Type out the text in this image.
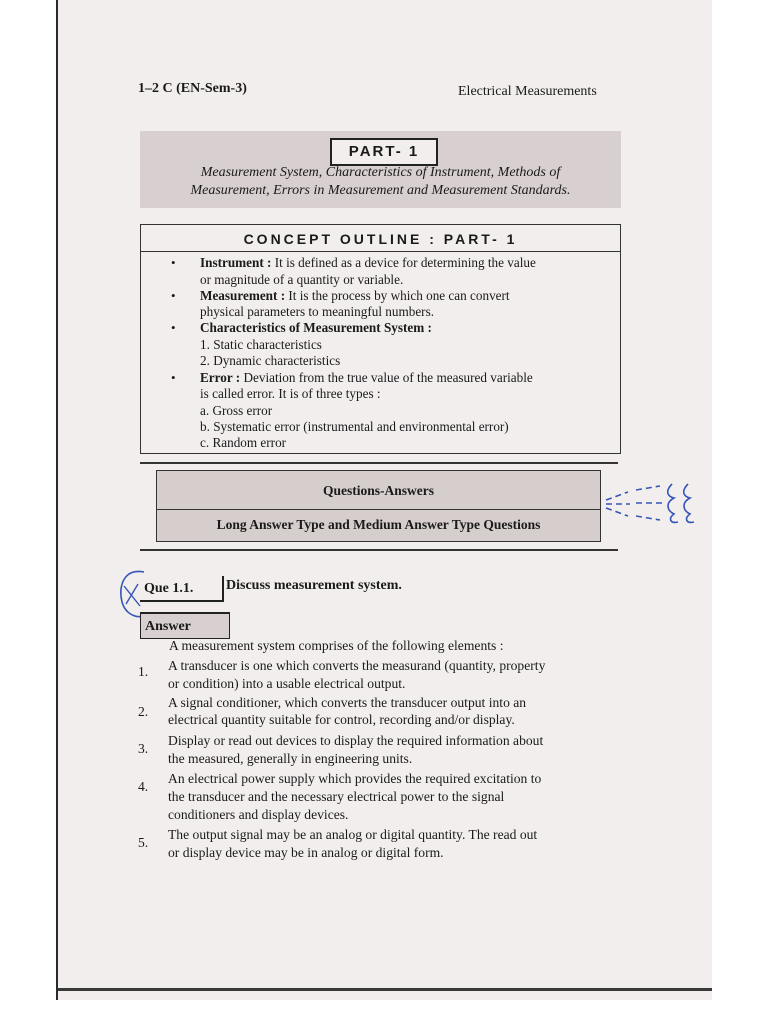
1–2 C (EN-Sem-3)	Electrical Measurements
PART- 1
Measurement System, Characteristics of Instrument, Methods of
Measurement, Errors in Measurement and Measurement Standards.
CONCEPT OUTLINE : PART- 1
• Instrument : It is defined as a device for determining the value
or magnitude of a quantity or variable.
• Measurement : It is the process by which one can convert
physical parameters to meaningful numbers.
• Characteristics of Measurement System :
1. Static characteristics
2. Dynamic characteristics
• Error : Deviation from the true value of the measured variable
is called error. It is of three types :
a. Gross error
b. Systematic error (instrumental and environmental error)
c. Random error
Questions-Answers
Long Answer Type and Medium Answer Type Questions
Que 1.1.	Discuss measurement system.
Answer
A measurement system comprises of the following elements :
1. A transducer is one which converts the measurand (quantity, property
or condition) into a usable electrical output.
2.
A signal conditioner, which converts the transducer output into an
electrical quantity suitable for control, recording and/or display.
3.
Display or read out devices to display the required information about
the measured, generally in engineering units.
4.
An electrical power supply which provides the required excitation to
the transducer and the necessary electrical power to the signal
conditioners and display devices.
5.
The output signal may be an analog or digital quantity. The read out
or display device may be in analog or digital form.
